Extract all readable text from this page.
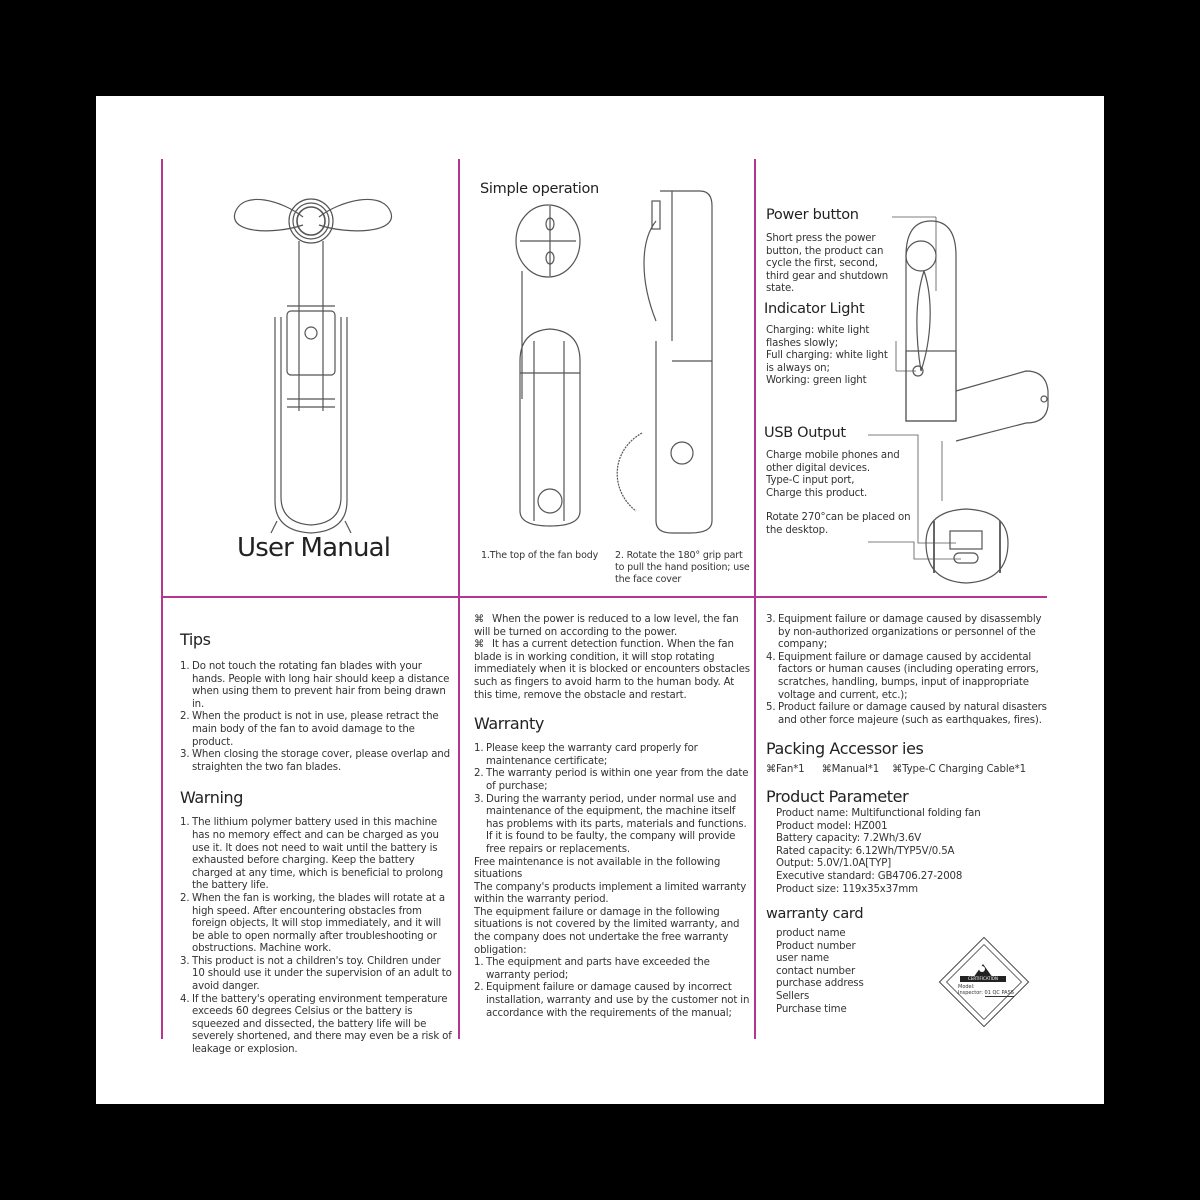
User Manual
Simple operation
1.The top of the fan body	2. Rotate the 180° grip part to pull the hand position; use the face cover
Power button
Short press the power button, the product can cycle the first, second, third gear and shutdown state.
Indicator Light
Charging: white light
flashes slowly;
Full charging: white light
is always on;
Working: green light
USB Output
Charge mobile phones and
other digital devices.
Type-C input port,
Charge this product.
Rotate 270°can be placed on the desktop.
Tips
Do not touch the rotating fan blades with your hands. People with long hair should keep a distance when using them to prevent hair from being drawn in.
When the product is not in use, please retract the main body of the fan to avoid damage to the product.
When closing the storage cover, please overlap and straighten the two fan blades.
Warning
The lithium polymer battery used in this machine has no memory effect and can be charged as you use it. It does not need to wait until the battery is exhausted before charging. Keep the battery charged at any time, which is beneficial to prolong the battery life.
When the fan is working, the blades will rotate at a high speed. After encountering obstacles from foreign objects, It will stop immediately, and it will be able to open normally after troubleshooting or obstructions. Machine work.
This product is not a children's toy. Children under 10 should use it under the supervision of an adult to avoid danger.
If the battery's operating environment temperature exceeds 60 degrees Celsius or the battery is squeezed and dissected, the battery life will be severely shortened, and there may even be a risk of leakage or explosion.
⌘ When the power is reduced to a low level, the fan will be turned on according to the power.
⌘ It has a current detection function. When the fan blade is in working condition, it will stop rotating immediately when it is blocked or encounters obstacles such as fingers to avoid harm to the human body. At this time, remove the obstacle and restart.
Warranty
Please keep the warranty card properly for maintenance certificate;
The warranty period is within one year from the date of purchase;
During the warranty period, under normal use and maintenance of the equipment, the machine itself has problems with its parts, materials and functions. If it is found to be faulty, the company will provide free repairs or replacements.
Free maintenance is not available in the following situations
The company's products implement a limited warranty within the warranty period.
The equipment failure or damage in the following situations is not covered by the limited warranty, and the company does not undertake the free warranty obligation:
The equipment and parts have exceeded the warranty period;
Equipment failure or damage caused by incorrect installation, warranty and use by the customer not in accordance with the requirements of the manual;
Equipment failure or damage caused by disassembly by non-authorized organizations or personnel of the company;
Equipment failure or damage caused by accidental factors or human causes (including operating errors, scratches, handling, bumps, input of inappropriate voltage and current, etc.);
Product failure or damage caused by natural disasters and other force majeure (such as earthquakes, fires).
Packing Accessor ies
⌘Fan*1 ⌘Manual*1 ⌘Type-C Charging Cable*1
Product Parameter
Product name: Multifunctional folding fan
Product model: HZ001
Battery capacity: 7.2Wh/3.6V
Rated capacity: 6.12Wh/TYP5V/0.5A
Output: 5.0V/1.0A[TYP]
Executive standard: GB4706.27-2008
Product size: 119x35x37mm
warranty card
product name
Product number
user name
contact number
purchase address
Sellers
Purchase time
CERTIFICATION
Model:
Inspector: 01 QC PASS
